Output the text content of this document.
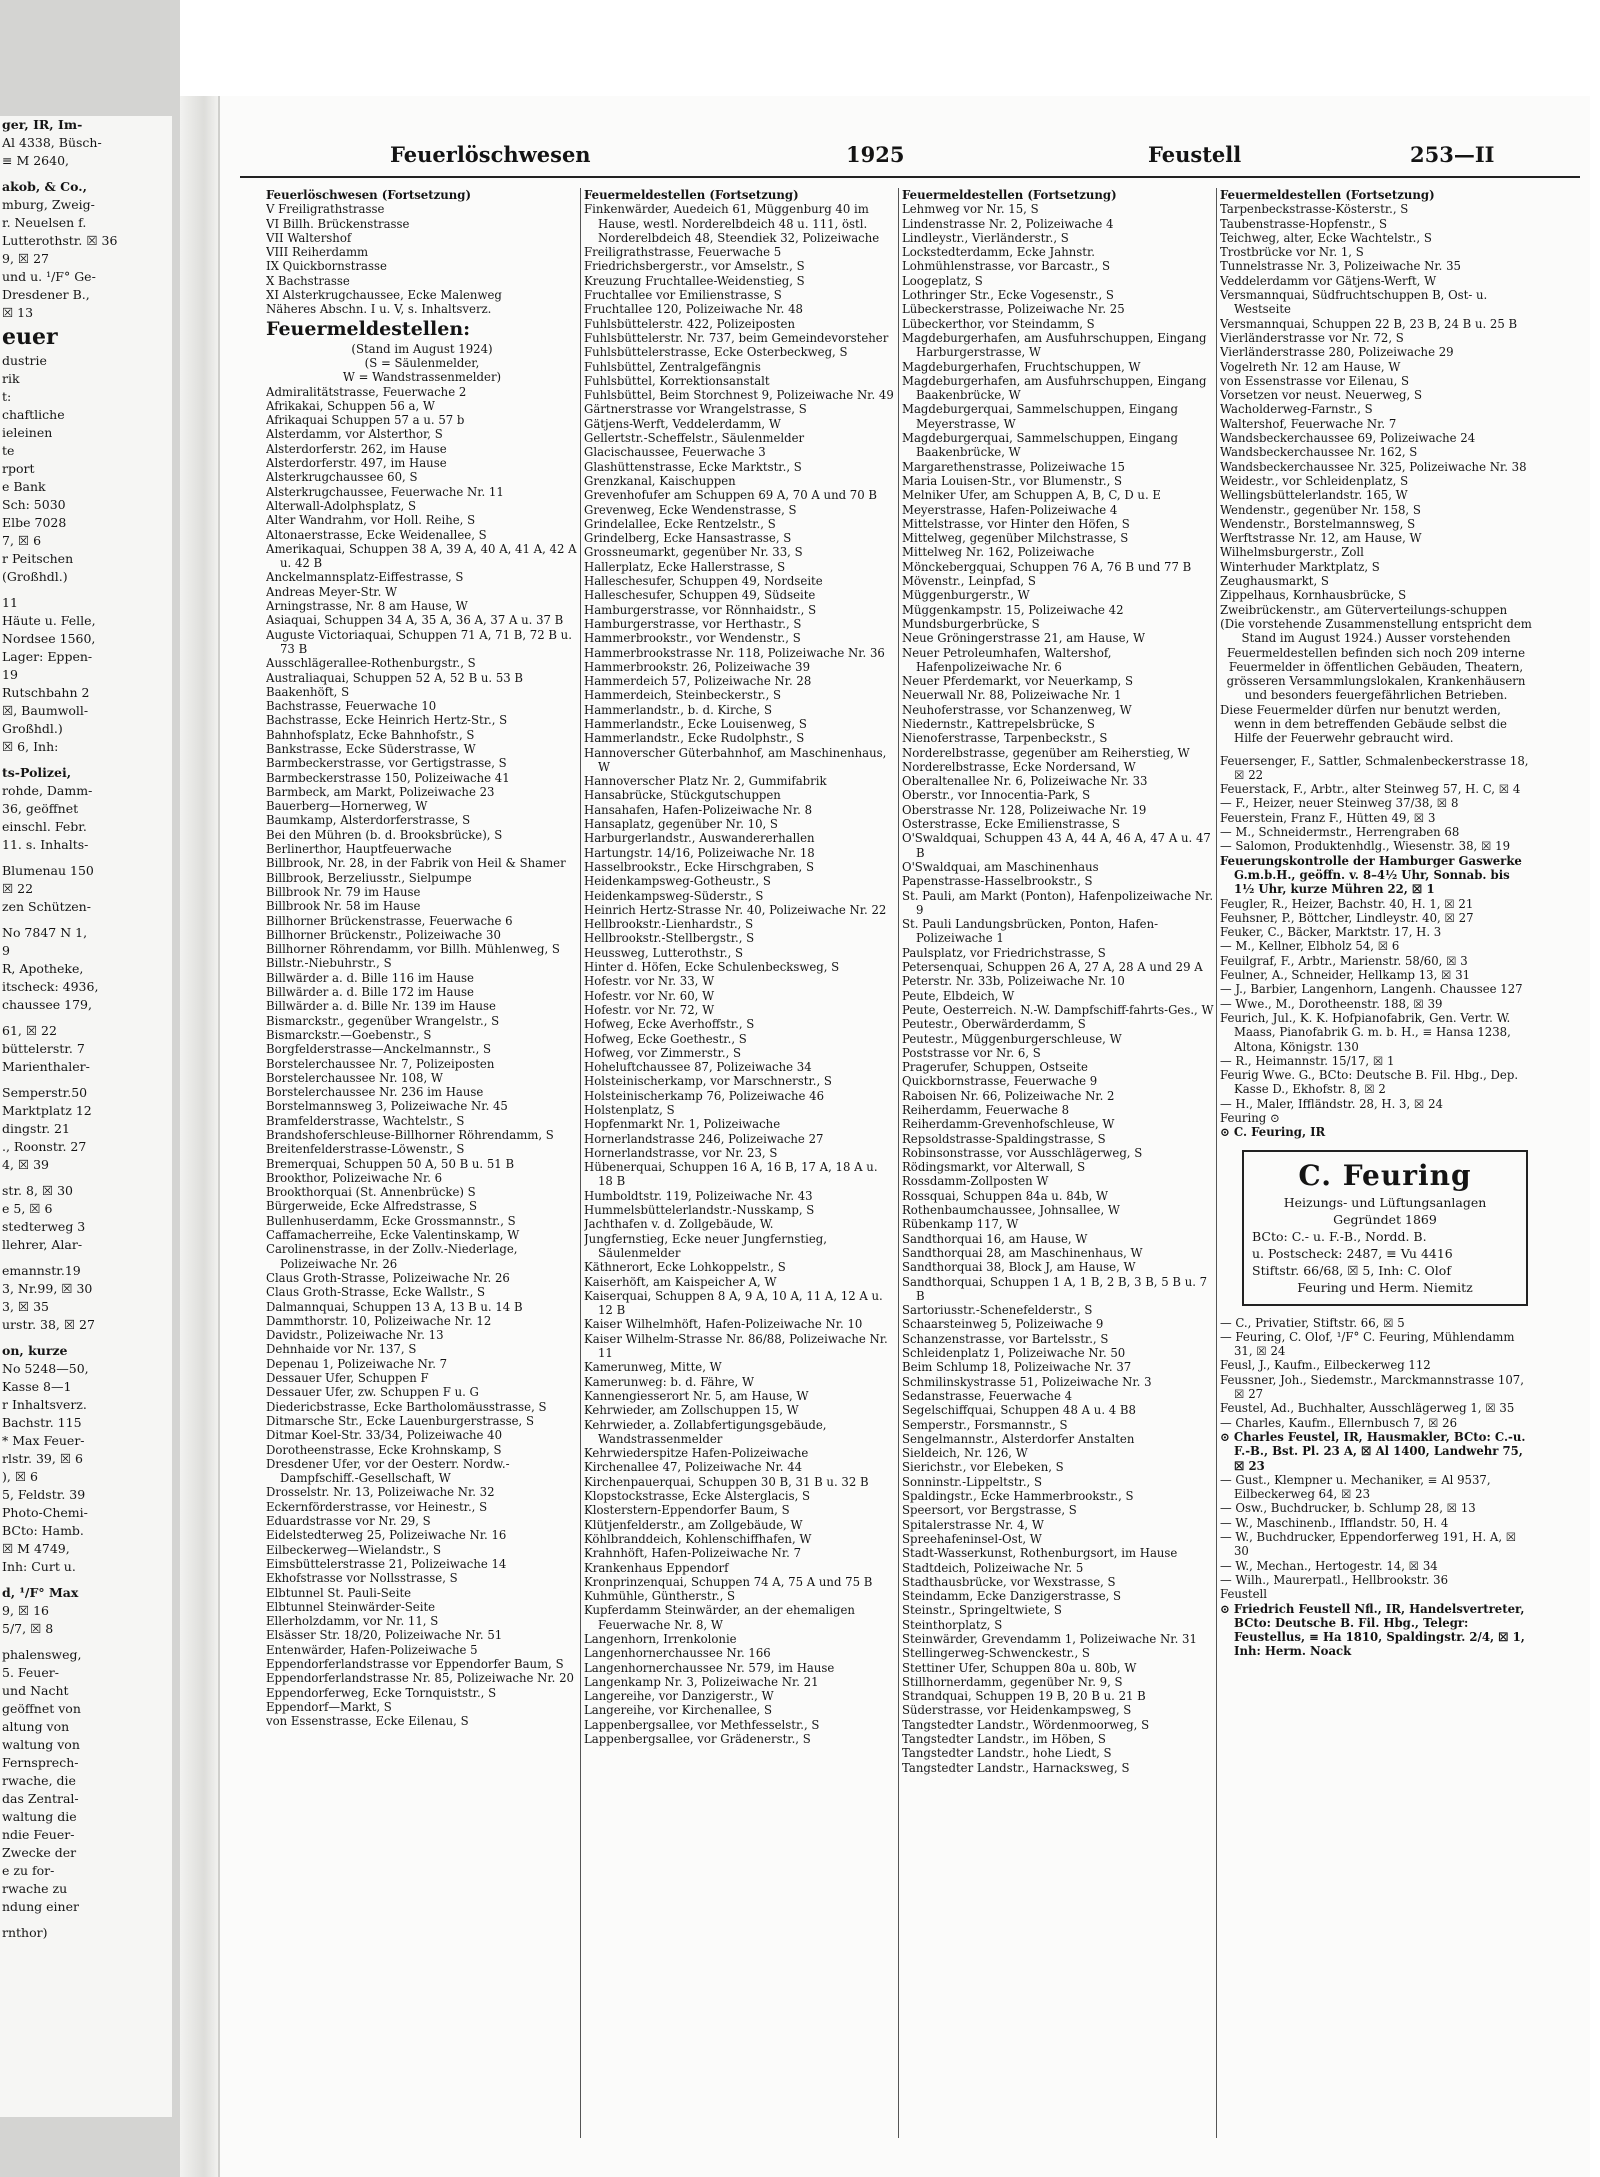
ger, IR, Im-
Al 4338, Büsch-
≡ M 2640,
akob, & Co.,
mburg, Zweig-
r. Neuelsen f.
Lutterothstr. ☒ 36
9, ☒ 27
und u. ¹/F° Ge-
Dresdener B.,
☒ 13
euer
dustrie
rik
t:
chaftliche
ieleinen
te
rport
e Bank
Sch: 5030
Elbe 7028
7, ☒ 6
r Peitschen
(Großhdl.)
11
Häute u. Felle,
Nordsee 1560,
Lager: Eppen-
19
Rutschbahn 2
☒, Baumwoll-
Großhdl.)
☒ 6, Inh:
ts-Polizei,
rohde, Damm-
36, geöffnet
einschl. Febr.
11. s. Inhalts-
Blumenau 150
☒ 22
zen Schützen-
No 7847 N 1,
9
R, Apotheke,
itscheck: 4936,
chaussee 179,
61, ☒ 22
büttelerstr. 7
Marienthaler-
Semperstr.50
Marktplatz 12
dingstr. 21
., Roonstr. 27
4, ☒ 39
str. 8, ☒ 30
e 5, ☒ 6
stedterweg 3
llehrer, Alar-
emannstr.19
3, Nr.99, ☒ 30
3, ☒ 35
urstr. 38, ☒ 27
on, kurze
No 5248—50,
Kasse 8—1
r Inhaltsverz.
Bachstr. 115
* Max Feuer-
rlstr. 39, ☒ 6
), ☒ 6
5, Feldstr. 39
Photo-Chemi-
BCto: Hamb.
☒ M 4749,
Inh: Curt u.
d, ¹/F° Max
9, ☒ 16
5/7, ☒ 8
phalensweg,
5. Feuer-
und Nacht
geöffnet von
altung von
waltung von
Fernsprech-
rwache, die
das Zentral-
waltung die
ndie Feuer-
Zwecke der
e zu for-
rwache zu
ndung einer
rnthor)
Feuerlöschwesen	1925	Feustell	253—II

Feuerlöschwesen (Fortsetzung)

V Freiligrathstrasse

VI Billh. Brückenstrasse

VII Waltershof

VIII Reiherdamm

IX Quickbornstrasse

X Bachstrasse

XI Alsterkrugchaussee, Ecke Malenweg

Näheres Abschn. I u. V, s. Inhaltsverz.

Feuermeldestellen:

(Stand im August 1924)

(S = Säulenmelder,

W = Wandstrassenmelder)

Admiralitätstrasse, Feuerwache 2

Afrikakai, Schuppen 56 a, W

Afrikaquai Schuppen 57 a u. 57 b

Alsterdamm, vor Alsterthor, S

Alsterdorferstr. 262, im Hause

Alsterdorferstr. 497, im Hause

Alsterkrugchaussee 60, S

Alsterkrugchaussee, Feuerwache Nr. 11

Alterwall-Adolphsplatz, S

Alter Wandrahm, vor Holl. Reihe, S

Altonaerstrasse, Ecke Weidenallee, S

Amerikaquai, Schuppen 38 A, 39 A, 40 A, 41 A, 42 A u. 42 B

Anckelmannsplatz-Eiffestrasse, S

Andreas Meyer-Str. W

Arningstrasse, Nr. 8 am Hause, W

Asiaquai, Schuppen 34 A, 35 A, 36 A, 37 A u. 37 B

Auguste Victoriaquai, Schuppen 71 A, 71 B, 72 B u. 73 B

Ausschlägerallee-Rothenburgstr., S

Australiaquai, Schuppen 52 A, 52 B u. 53 B

Baakenhöft, S

Bachstrasse, Feuerwache 10

Bachstrasse, Ecke Heinrich Hertz-Str., S

Bahnhofsplatz, Ecke Bahnhofstr., S

Bankstrasse, Ecke Süderstrasse, W

Barmbeckerstrasse, vor Gertigstrasse, S

Barmbeckerstrasse 150, Polizeiwache 41

Barmbeck, am Markt, Polizeiwache 23

Bauerberg—Hornerweg, W

Baumkamp, Alsterdorferstrasse, S

Bei den Mühren (b. d. Brooksbrücke), S

Berlinerthor, Hauptfeuerwache

Billbrook, Nr. 28, in der Fabrik von Heil & Shamer

Billbrook, Berzeliusstr., Sielpumpe

Billbrook Nr. 79 im Hause

Billbrook Nr. 58 im Hause

Billhorner Brückenstrasse, Feuerwache 6

Billhorner Brückenstr., Polizeiwache 30

Billhorner Röhrendamm, vor Billh. Mühlenweg, S

Billstr.-Niebuhrstr., S

Billwärder a. d. Bille 116 im Hause

Billwärder a. d. Bille 172 im Hause

Billwärder a. d. Bille Nr. 139 im Hause

Bismarckstr., gegenüber Wrangelstr., S

Bismarckstr.—Goebenstr., S

Borgfelderstrasse—Anckelmannstr., S

Borstelerchaussee Nr. 7, Polizeiposten

Borstelerchaussee Nr. 108, W

Borstelerchaussee Nr. 236 im Hause

Borstelmannsweg 3, Polizeiwache Nr. 45

Bramfelderstrasse, Wachtelstr., S

Brandshoferschleuse-Billhorner Röhrendamm, S

Breitenfelderstrasse-Löwenstr., S

Bremerquai, Schuppen 50 A, 50 B u. 51 B

Brookthor, Polizeiwache Nr. 6

Brookthorquai (St. Annenbrücke) S

Bürgerweide, Ecke Alfredstrasse, S

Bullenhuserdamm, Ecke Grossmannstr., S

Caffamacherreihe, Ecke Valentinskamp, W

Carolinenstrasse, in der Zollv.-Niederlage, Polizeiwache Nr. 26

Claus Groth-Strasse, Polizeiwache Nr. 26

Claus Groth-Strasse, Ecke Wallstr., S

Dalmannquai, Schuppen 13 A, 13 B u. 14 B

Dammthorstr. 10, Polizeiwache Nr. 12

Davidstr., Polizeiwache Nr. 13

Dehnhaide vor Nr. 137, S

Depenau 1, Polizeiwache Nr. 7

Dessauer Ufer, Schuppen F

Dessauer Ufer, zw. Schuppen F u. G

Diedericbstrasse, Ecke Bartholomäusstrasse, S

Ditmarsche Str., Ecke Lauenburgerstrasse, S

Ditmar Koel-Str. 33/34, Polizeiwache 40

Dorotheenstrasse, Ecke Krohnskamp, S

Dresdener Ufer, vor der Oesterr. Nordw.-Dampfschiff.-Gesellschaft, W

Drosselstr. Nr. 13, Polizeiwache Nr. 32

Eckernförderstrasse, vor Heinestr., S

Eduardstrasse vor Nr. 29, S

Eidelstedterweg 25, Polizeiwache Nr. 16

Eilbeckerweg—Wielandstr., S

Eimsbüttelerstrasse 21, Polizeiwache 14

Ekhofstrasse vor Nollsstrasse, S

Elbtunnel St. Pauli-Seite

Elbtunnel Steinwärder-Seite

Ellerholzdamm, vor Nr. 11, S

Elsässer Str. 18/20, Polizeiwache Nr. 51

Entenwärder, Hafen-Polizeiwache 5

Eppendorferlandstrasse vor Eppendorfer Baum, S

Eppendorferlandstrasse Nr. 85, Polizeiwache Nr. 20

Eppendorferweg, Ecke Tornquiststr., S

Eppendorf—Markt, S

von Essenstrasse, Ecke Eilenau, S

Feuermeldestellen (Fortsetzung)

Finkenwärder, Auedeich 61, Müggenburg 40 im Hause, westl. Norderelbdeich 48 u. 111, östl. Norderelbdeich 48, Steendiek 32, Polizeiwache

Freiligrathstrasse, Feuerwache 5

Friedrichsbergerstr., vor Amselstr., S

Kreuzung Fruchtallee-Weidenstieg, S

Fruchtallee vor Emilienstrasse, S

Fruchtallee 120, Polizeiwache Nr. 48

Fuhlsbüttelerstr. 422, Polizeiposten

Fuhlsbüttelerstr. Nr. 737, beim Gemeindevorsteher

Fuhlsbüttelerstrasse, Ecke Osterbeckweg, S

Fuhlsbüttel, Zentralgefängnis

Fuhlsbüttel, Korrektionsanstalt

Fuhlsbüttel, Beim Storchnest 9, Polizeiwache Nr. 49

Gärtnerstrasse vor Wrangelstrasse, S

Gätjens-Werft, Veddelerdamm, W

Gellertstr.-Scheffelstr., Säulenmelder

Glacischaussee, Feuerwache 3

Glashüttenstrasse, Ecke Marktstr., S

Grenzkanal, Kaischuppen

Grevenhofufer am Schuppen 69 A, 70 A und 70 B

Grevenweg, Ecke Wendenstrasse, S

Grindelallee, Ecke Rentzelstr., S

Grindelberg, Ecke Hansastrasse, S

Grossneumarkt, gegenüber Nr. 33, S

Hallerplatz, Ecke Hallerstrasse, S

Halleschesufer, Schuppen 49, Nordseite

Halleschesufer, Schuppen 49, Südseite

Hamburgerstrasse, vor Rönnhaidstr., S

Hamburgerstrasse, vor Herthastr., S

Hammerbrookstr., vor Wendenstr., S

Hammerbrookstrasse Nr. 118, Polizeiwache Nr. 36

Hammerbrookstr. 26, Polizeiwache 39

Hammerdeich 57, Polizeiwache Nr. 28

Hammerdeich, Steinbeckerstr., S

Hammerlandstr., b. d. Kirche, S

Hammerlandstr., Ecke Louisenweg, S

Hammerlandstr., Ecke Rudolphstr., S

Hannoverscher Güterbahnhof, am Maschinenhaus, W

Hannoverscher Platz Nr. 2, Gummifabrik

Hansabrücke, Stückgutschuppen

Hansahafen, Hafen-Polizeiwache Nr. 8

Hansaplatz, gegenüber Nr. 10, S

Harburgerlandstr., Auswandererhallen

Hartungstr. 14/16, Polizeiwache Nr. 18

Hasselbrookstr., Ecke Hirschgraben, S

Heidenkampsweg-Gotheustr., S

Heidenkampsweg-Süderstr., S

Heinrich Hertz-Strasse Nr. 40, Polizeiwache Nr. 22

Hellbrookstr.-Lienhardstr., S

Hellbrookstr.-Stellbergstr., S

Heussweg, Lutterothstr., S

Hinter d. Höfen, Ecke Schulenbecksweg, S

Hofestr. vor Nr. 33, W

Hofestr. vor Nr. 60, W

Hofestr. vor Nr. 72, W

Hofweg, Ecke Averhoffstr., S

Hofweg, Ecke Goethestr., S

Hofweg, vor Zimmerstr., S

Hoheluftchaussee 87, Polizeiwache 34

Holsteinischerkamp, vor Marschnerstr., S

Holsteinischerkamp 76, Polizeiwache 46

Holstenplatz, S

Hopfenmarkt Nr. 1, Polizeiwache

Hornerlandstrasse 246, Polizeiwache 27

Hornerlandstrasse, vor Nr. 23, S

Hübenerquai, Schuppen 16 A, 16 B, 17 A, 18 A u. 18 B

Humboldtstr. 119, Polizeiwache Nr. 43

Hummelsbüttelerlandstr.-Nusskamp, S

Jachthafen v. d. Zollgebäude, W.

Jungfernstieg, Ecke neuer Jungfernstieg, Säulenmelder

Käthnerort, Ecke Lohkoppelstr., S

Kaiserhöft, am Kaispeicher A, W

Kaiserquai, Schuppen 8 A, 9 A, 10 A, 11 A, 12 A u. 12 B

Kaiser Wilhelmhöft, Hafen-Polizeiwache Nr. 10

Kaiser Wilhelm-Strasse Nr. 86/88, Polizeiwache Nr. 11

Kamerunweg, Mitte, W

Kamerunweg: b. d. Fähre, W

Kannengiesserort Nr. 5, am Hause, W

Kehrwieder, am Zollschuppen 15, W

Kehrwieder, a. Zollabfertigungsgebäude, Wandstrassenmelder

Kehrwiederspitze Hafen-Polizeiwache

Kirchenallee 47, Polizeiwache Nr. 44

Kirchenpauerquai, Schuppen 30 B, 31 B u. 32 B

Klopstockstrasse, Ecke Alsterglacis, S

Klosterstern-Eppendorfer Baum, S

Klütjenfelderstr., am Zollgebäude, W

Köhlbranddeich, Kohlenschiffhafen, W

Krahnhöft, Hafen-Polizeiwache Nr. 7

Krankenhaus Eppendorf

Kronprinzenquai, Schuppen 74 A, 75 A und 75 B

Kuhmühle, Güntherstr., S

Kupferdamm Steinwärder, an der ehemaligen Feuerwache Nr. 8, W

Langenhorn, Irrenkolonie

Langenhornerchaussee Nr. 166

Langenhornerchaussee Nr. 579, im Hause

Langenkamp Nr. 3, Polizeiwache Nr. 21

Langereihe, vor Danzigerstr., W

Langereihe, vor Kirchenallee, S

Lappenbergsallee, vor Methfesselstr., S

Lappenbergsallee, vor Grädenerstr., S

Feuermeldestellen (Fortsetzung)

Lehmweg vor Nr. 15, S

Lindenstrasse Nr. 2, Polizeiwache 4

Lindleystr., Vierländerstr., S

Lockstedterdamm, Ecke Jahnstr.

Lohmühlenstrasse, vor Barcastr., S

Loogeplatz, S

Lothringer Str., Ecke Vogesenstr., S

Lübeckerstrasse, Polizeiwache Nr. 25

Lübeckerthor, vor Steindamm, S

Magdeburgerhafen, am Ausfuhrschuppen, Eingang Harburgerstrasse, W

Magdeburgerhafen, Fruchtschuppen, W

Magdeburgerhafen, am Ausfuhrschuppen, Eingang Baakenbrücke, W

Magdeburgerquai, Sammelschuppen, Eingang Meyerstrasse, W

Magdeburgerquai, Sammelschuppen, Eingang Baakenbrücke, W

Margarethenstrasse, Polizeiwache 15

Maria Louisen-Str., vor Blumenstr., S

Melniker Ufer, am Schuppen A, B, C, D u. E

Meyerstrasse, Hafen-Polizeiwache 4

Mittelstrasse, vor Hinter den Höfen, S

Mittelweg, gegenüber Milchstrasse, S

Mittelweg Nr. 162, Polizeiwache

Mönckebergquai, Schuppen 76 A, 76 B und 77 B

Mövenstr., Leinpfad, S

Müggenburgerstr., W

Müggenkampstr. 15, Polizeiwache 42

Mundsburgerbrücke, S

Neue Gröningerstrasse 21, am Hause, W

Neuer Petroleumhafen, Waltershof, Hafenpolizeiwache Nr. 6

Neuer Pferdemarkt, vor Neuerkamp, S

Neuerwall Nr. 88, Polizeiwache Nr. 1

Neuhoferstrasse, vor Schanzenweg, W

Niedernstr., Kattrepelsbrücke, S

Nienoferstrasse, Tarpenbeckstr., S

Norderelbstrasse, gegenüber am Reiherstieg, W

Norderelbstrasse, Ecke Nordersand, W

Oberaltenallee Nr. 6, Polizeiwache Nr. 33

Oberstr., vor Innocentia-Park, S

Oberstrasse Nr. 128, Polizeiwache Nr. 19

Osterstrasse, Ecke Emilienstrasse, S

O'Swaldquai, Schuppen 43 A, 44 A, 46 A, 47 A u. 47 B

O'Swaldquai, am Maschinenhaus

Papenstrasse-Hasselbrookstr., S

St. Pauli, am Markt (Ponton), Hafenpolizeiwache Nr. 9

St. Pauli Landungsbrücken, Ponton, Hafen-Polizeiwache 1

Paulsplatz, vor Friedrichstrasse, S

Petersenquai, Schuppen 26 A, 27 A, 28 A und 29 A

Peterstr. Nr. 33b, Polizeiwache Nr. 10

Peute, Elbdeich, W

Peute, Oesterreich. N.-W. Dampfschiff-fahrts-Ges., W

Peutestr., Oberwärderdamm, S

Peutestr., Müggenburgerschleuse, W

Poststrasse vor Nr. 6, S

Pragerufer, Schuppen, Ostseite

Quickbornstrasse, Feuerwache 9

Raboisen Nr. 66, Polizeiwache Nr. 2

Reiherdamm, Feuerwache 8

Reiherdamm-Grevenhofschleuse, W

Repsoldstrasse-Spaldingstrasse, S

Robinsonstrasse, vor Ausschlägerweg, S

Rödingsmarkt, vor Alterwall, S

Rossdamm-Zollposten W

Rossquai, Schuppen 84a u. 84b, W

Rothenbaumchaussee, Johnsallee, W

Rübenkamp 117, W

Sandthorquai 16, am Hause, W

Sandthorquai 28, am Maschinenhaus, W

Sandthorquai 38, Block J, am Hause, W

Sandthorquai, Schuppen 1 A, 1 B, 2 B, 3 B, 5 B u. 7 B

Sartoriusstr.-Schenefelderstr., S

Schaarsteinweg 5, Polizeiwache 9

Schanzenstrasse, vor Bartelsstr., S

Schleidenplatz 1, Polizeiwache Nr. 50

Beim Schlump 18, Polizeiwache Nr. 37

Schmilinskystrasse 51, Polizeiwache Nr. 3

Sedanstrasse, Feuerwache 4

Segelschiffquai, Schuppen 48 A u. 4 B8

Semperstr., Forsmannstr., S

Sengelmannstr., Alsterdorfer Anstalten

Sieldeich, Nr. 126, W

Sierichstr., vor Elebeken, S

Sonninstr.-Lippeltstr., S

Spaldingstr., Ecke Hammerbrookstr., S

Speersort, vor Bergstrasse, S

Spitalerstrasse Nr. 4, W

Spreehafeninsel-Ost, W

Stadt-Wasserkunst, Rothenburgsort, im Hause

Stadtdeich, Polizeiwache Nr. 5

Stadthausbrücke, vor Wexstrasse, S

Steindamm, Ecke Danzigerstrasse, S

Steinstr., Springeltwiete, S

Steinthorplatz, S

Steinwärder, Grevendamm 1, Polizeiwache Nr. 31

Stellingerweg-Schwenckestr., S

Stettiner Ufer, Schuppen 80a u. 80b, W

Stillhornerdamm, gegenüber Nr. 9, S

Strandquai, Schuppen 19 B, 20 B u. 21 B

Süderstrasse, vor Heidenkampsweg, S

Tangstedter Landstr., Wördenmoorweg, S

Tangstedter Landstr., im Höben, S

Tangstedter Landstr., hohe Liedt, S

Tangstedter Landstr., Harnacksweg, S

Feuermeldestellen (Fortsetzung)

Tarpenbeckstrasse-Kösterstr., S

Taubenstrasse-Hopfenstr., S

Teichweg, alter, Ecke Wachtelstr., S

Trostbrücke vor Nr. 1, S

Tunnelstrasse Nr. 3, Polizeiwache Nr. 35

Veddelerdamm vor Gätjens-Werft, W

Versmannquai, Südfruchtschuppen B, Ost- u. Westseite

Versmannquai, Schuppen 22 B, 23 B, 24 B u. 25 B

Vierländerstrasse vor Nr. 72, S

Vierländerstrasse 280, Polizeiwache 29

Vogelreth Nr. 12 am Hause, W

von Essenstrasse vor Eilenau, S

Vorsetzen vor neust. Neuerweg, S

Wacholderweg-Farnstr., S

Waltershof, Feuerwache Nr. 7

Wandsbeckerchaussee 69, Polizeiwache 24

Wandsbeckerchaussee Nr. 162, S

Wandsbeckerchaussee Nr. 325, Polizeiwache Nr. 38

Weidestr., vor Schleidenplatz, S

Wellingsbüttelerlandstr. 165, W

Wendenstr., gegenüber Nr. 158, S

Wendenstr., Borstelmannsweg, S

Werftstrasse Nr. 12, am Hause, W

Wilhelmsburgerstr., Zoll

Winterhuder Marktplatz, S

Zeughausmarkt, S

Zippelhaus, Kornhausbrücke, S

Zweibrückenstr., am Güterverteilungs-schuppen

(Die vorstehende Zusammenstellung entspricht dem Stand im August 1924.) Ausser vorstehenden Feuermeldestellen befinden sich noch 209 interne Feuermelder in öffentlichen Gebäuden, Theatern, grösseren Versammlungslokalen, Krankenhäusern und besonders feuergefährlichen Betrieben.

Diese Feuermelder dürfen nur benutzt werden, wenn in dem betreffenden Gebäude selbst die Hilfe der Feuerwehr gebraucht wird.

Feuersenger, F., Sattler, Schmalenbeckerstrasse 18, ☒ 22

Feuerstack, F., Arbtr., alter Steinweg 57, H. C, ☒ 4

— F., Heizer, neuer Steinweg 37/38, ☒ 8

Feuerstein, Franz F., Hütten 49, ☒ 3

— M., Schneidermstr., Herrengraben 68

— Salomon, Produktenhdlg., Wiesenstr. 38, ☒ 19

Feuerungskontrolle der Hamburger Gaswerke G.m.b.H., geöffn. v. 8–4½ Uhr, Sonnab. bis 1½ Uhr, kurze Mühren 22, ☒ 1

Feugler, R., Heizer, Bachstr. 40, H. 1, ☒ 21

Feuhsner, P., Böttcher, Lindleystr. 40, ☒ 27

Feuker, C., Bäcker, Marktstr. 17, H. 3

— M., Kellner, Elbholz 54, ☒ 6

Feuilgraf, F., Arbtr., Marienstr. 58/60, ☒ 3

Feulner, A., Schneider, Hellkamp 13, ☒ 31

— J., Barbier, Langenhorn, Langenh. Chaussee 127

— Wwe., M., Dorotheenstr. 188, ☒ 39

Feurich, Jul., K. K. Hofpianofabrik, Gen. Vertr. W. Maass, Pianofabrik G. m. b. H., ≡ Hansa 1238, Altona, Königstr. 130

— R., Heimannstr. 15/17, ☒ 1

Feurig Wwe. G., BCto: Deutsche B. Fil. Hbg., Dep. Kasse D., Ekhofstr. 8, ☒ 2

— H., Maler, Iffländstr. 28, H. 3, ☒ 24

Feuring ⊙

⊙ C. Feuring, IR

C. Feuring
Heizungs- und Lüftungsanlagen
Gegründet 1869
BCto: C.- u. F.-B., Nordd. B.
u. Postscheck: 2487, ≡ Vu 4416
Stiftstr. 66/68, ☒ 5, Inh: C. Olof
Feuring und Herm. Niemitz

— C., Privatier, Stiftstr. 66, ☒ 5

— Feuring, C. Olof, ¹/F° C. Feuring, Mühlendamm 31, ☒ 24

Feusl, J., Kaufm., Eilbeckerweg 112

Feussner, Joh., Siedemstr., Marckmannstrasse 107, ☒ 27

Feustel, Ad., Buchhalter, Ausschlägerweg 1, ☒ 35

— Charles, Kaufm., Ellernbusch 7, ☒ 26

⊙ Charles Feustel, IR, Hausmakler, BCto: C.-u. F.-B., Bst. Pl. 23 A, ☒ Al 1400, Landwehr 75, ☒ 23

— Gust., Klempner u. Mechaniker, ≡ Al 9537, Eilbeckerweg 64, ☒ 23

— Osw., Buchdrucker, b. Schlump 28, ☒ 13

— W., Maschinenb., Ifflandstr. 50, H. 4

— W., Buchdrucker, Eppendorferweg 191, H. A, ☒ 30

— W., Mechan., Hertogestr. 14, ☒ 34

— Wilh., Maurerpatl., Hellbrookstr. 36

Feustell

⊙ Friedrich Feustell Nfl., IR, Handelsvertreter, BCto: Deutsche B. Fil. Hbg., Telegr: Feustellus, ≡ Ha 1810, Spaldingstr. 2/4, ☒ 1, Inh: Herm. Noack
